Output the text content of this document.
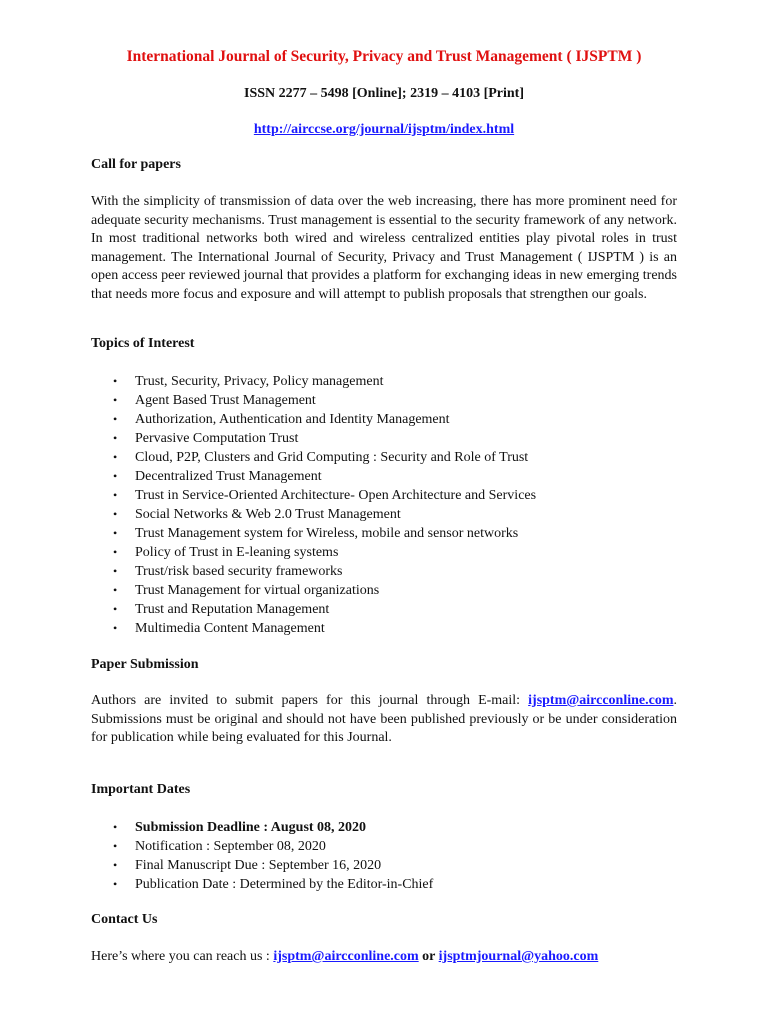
International Journal of Security, Privacy and Trust Management ( IJSPTM )
ISSN 2277 – 5498 [Online]; 2319 – 4103 [Print]
http://airccse.org/journal/ijsptm/index.html
Call for papers
With the simplicity of transmission of data over the web increasing, there has more prominent need for adequate security mechanisms. Trust management is essential to the security framework of any network. In most traditional networks both wired and wireless centralized entities play pivotal roles in trust management. The International Journal of Security, Privacy and Trust Management ( IJSPTM ) is an open access peer reviewed journal that provides a platform for exchanging ideas in new emerging trends that needs more focus and exposure and will attempt to publish proposals that strengthen our goals.
Topics of Interest
• Trust, Security, Privacy, Policy management
• Agent Based Trust Management
• Authorization, Authentication and Identity Management
• Pervasive Computation Trust
• Cloud, P2P, Clusters and Grid Computing : Security and Role of Trust
• Decentralized Trust Management
• Trust in Service-Oriented Architecture- Open Architecture and Services
• Social Networks & Web 2.0 Trust Management
• Trust Management system for Wireless, mobile and sensor networks
• Policy of Trust in E-leaning systems
• Trust/risk based security frameworks
• Trust Management for virtual organizations
• Trust and Reputation Management
• Multimedia Content Management
Paper Submission
Authors are invited to submit papers for this journal through E-mail: ijsptm@aircconline.com. Submissions must be original and should not have been published previously or be under consideration for publication while being evaluated for this Journal.
Important Dates
• Submission Deadline : August 08, 2020
• Notification : September 08, 2020
• Final Manuscript Due : September 16, 2020
• Publication Date : Determined by the Editor-in-Chief
Contact Us
Here’s where you can reach us : ijsptm@aircconline.com or ijsptmjournal@yahoo.com
